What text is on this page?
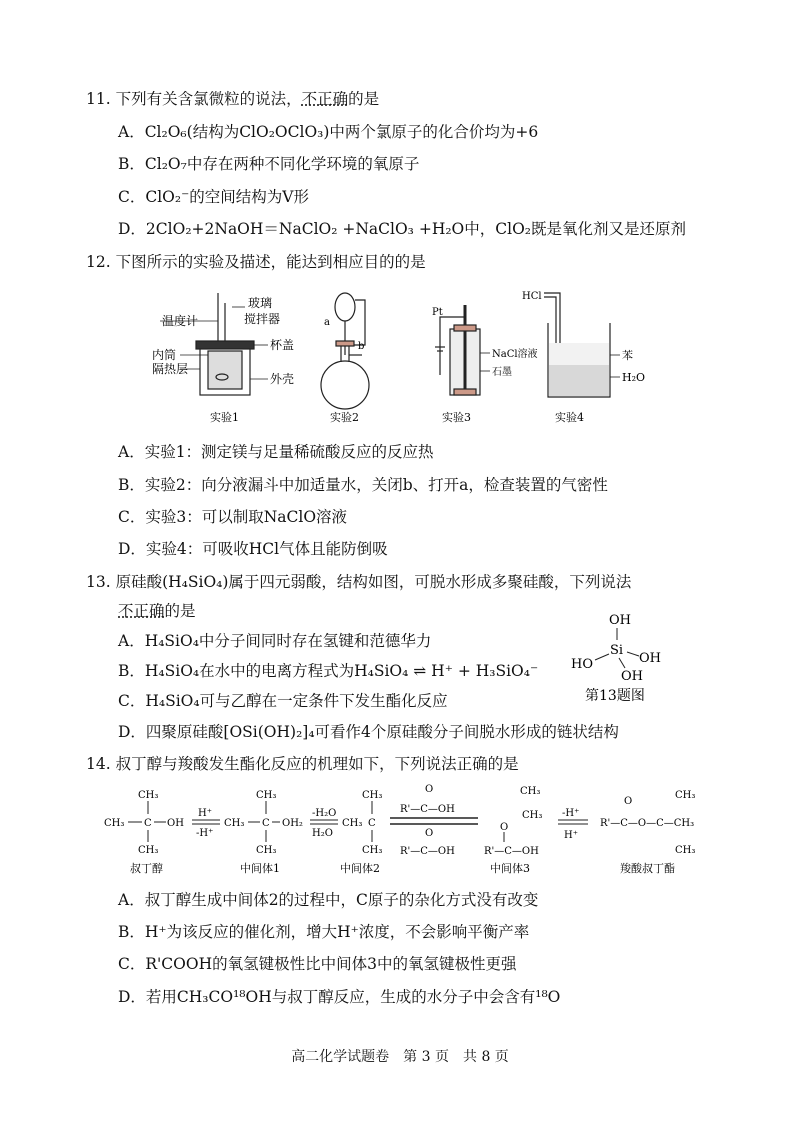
11. 下列有关含氯微粒的说法，不正确的是
A．Cl₂O₆(结构为ClO₂OClO₃)中两个氯原子的化合价均为+6
B．Cl₂O₇中存在两种不同化学环境的氧原子
C．ClO₂⁻的空间结构为V形
D．2ClO₂+2NaOH＝NaClO₂ +NaClO₃ +H₂O中，ClO₂既是氧化剂又是还原剂
12. 下图所示的实验及描述，能达到相应目的的是
温度计
玻璃
搅拌器
杯盖
内筒
隔热层
外壳
实验1
a
b
实验2
Pt
NaCl溶液
石墨
实验3
HCl
苯
H₂O
实验4
A．实验1：测定镁与足量稀硫酸反应的反应热
B．实验2：向分液漏斗中加适量水，关闭b、打开a，检查装置的气密性
C．实验3：可以制取NaClO溶液
D．实验4：可吸收HCl气体且能防倒吸
13. 原硅酸(H₄SiO₄)属于四元弱酸，结构如图，可脱水形成多聚硅酸，下列说法
不正确的是
A．H₄SiO₄中分子间同时存在氢键和范德华力
B．H₄SiO₄在水中的电离方程式为H₄SiO₄ ⇌ H⁺ + H₃SiO₄⁻
C．H₄SiO₄可与乙醇在一定条件下发生酯化反应
D．四聚原硅酸[OSi(OH)₂]₄可看作4个原硅酸分子间脱水形成的链状结构
OH
Si
HO	OH
OH
第13题图
14. 叔丁醇与羧酸发生酯化反应的机理如下，下列说法正确的是
CH₃
CH₃ C OH
CH₃
叔丁醇
H⁺
-H⁺
CH₃
CH₃ C OH₂
CH₃
中间体1
-H₂O
H₂O
CH₃
CH₃ C
CH₃
中间体2
O
R'—C—OH
O
R'—C—OH
CH₃
CH₃
O
R'—C—OH
中间体3
-H⁺
H⁺
O
CH₃
R'—C—O—C—CH₃
CH₃
羧酸叔丁酯
A．叔丁醇生成中间体2的过程中，C原子的杂化方式没有改变
B．H⁺为该反应的催化剂，增大H⁺浓度，不会影响平衡产率
C．R'COOH的氧氢键极性比中间体3中的氧氢键极性更强
D．若用CH₃CO¹⁸OH与叔丁醇反应，生成的水分子中会含有¹⁸O
高二化学试题卷　第 3 页　共 8 页
